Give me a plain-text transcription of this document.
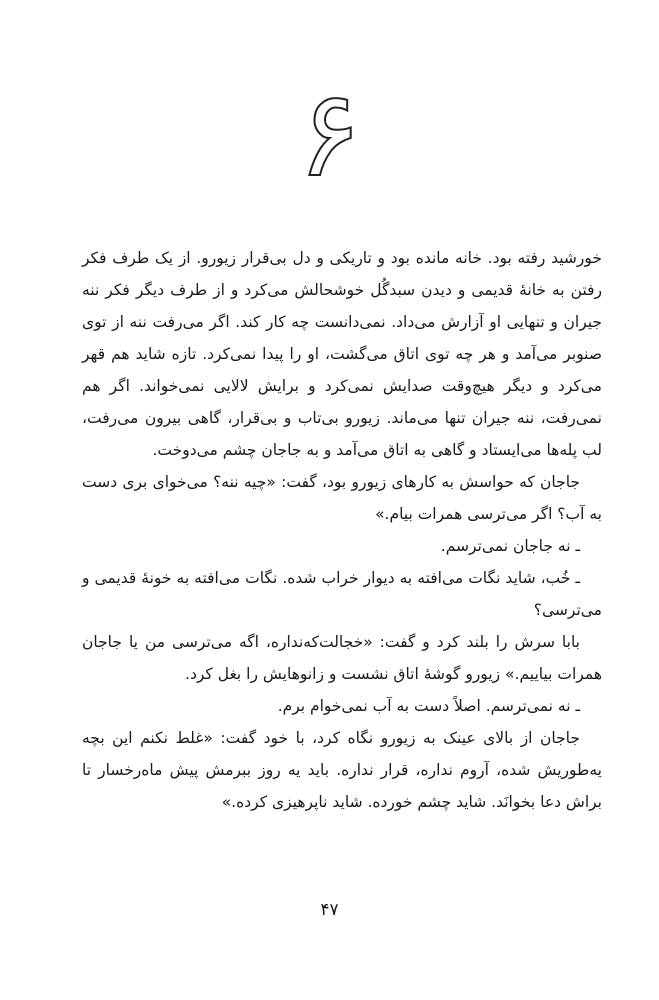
۶

خورشید رفته بود. خانه مانده بود و تاریکی و دل بی‌قرار زیورو. از یک طرف فکر رفتن به خانهٔ قدیمی و دیدن سبدگُل خوشحالش می‌کرد و از طرف دیگر فکر ننه جیران و تنهایی او آزارش می‌داد. نمی‌دانست چه کار کند. اگر می‌رفت ننه از توی صنوبر می‌آمد و هر چه توی اتاق می‌گشت، او را پیدا نمی‌کرد. تازه شاید هم قهر می‌کرد و دیگر هیچ‌وقت صدایش نمی‌کرد و برایش لالایی نمی‌خواند. اگر هم نمی‌رفت، ننه جیران تنها می‌ماند. زیورو بی‌تاب و بی‌قرار، گاهی بیرون می‌رفت، لب پله‌ها می‌ایستاد و گاهی به اتاق می‌آمد و به جاجان چشم می‌دوخت.

جاجان که حواسش به کارهای زیورو بود، گفت: «چیه ننه؟ می‌خوای بری دست به آب؟ اگر می‌ترسی همرات بیام.»

ـ نه جاجان نمی‌ترسم.

ـ خُب، شاید نگات می‌افته به دیوار خراب شده. نگات می‌افته به خونهٔ قدیمی و می‌ترسی؟

بابا سرش را بلند کرد و گفت: «خجالت‌که‌نداره، اگه می‌ترسی من یا جاجان همرات بیاییم.» زیورو گوشهٔ اتاق نشست و زانوهایش را بغل کرد.

ـ نه نمی‌ترسم. اصلاً دست به آب نمی‌خوام برم.

جاجان از بالای عینک به زیورو نگاه کرد، با خود گفت: «غلط نکنم این بچه یه‌طوریش شده، آروم نداره، قرار نداره. باید یه روز ببرمش پیش ماه‌رخسار تا براش دعا بخوانَد. شاید چشم خورده. شاید ناپرهیزی کرده.»

۴۷
